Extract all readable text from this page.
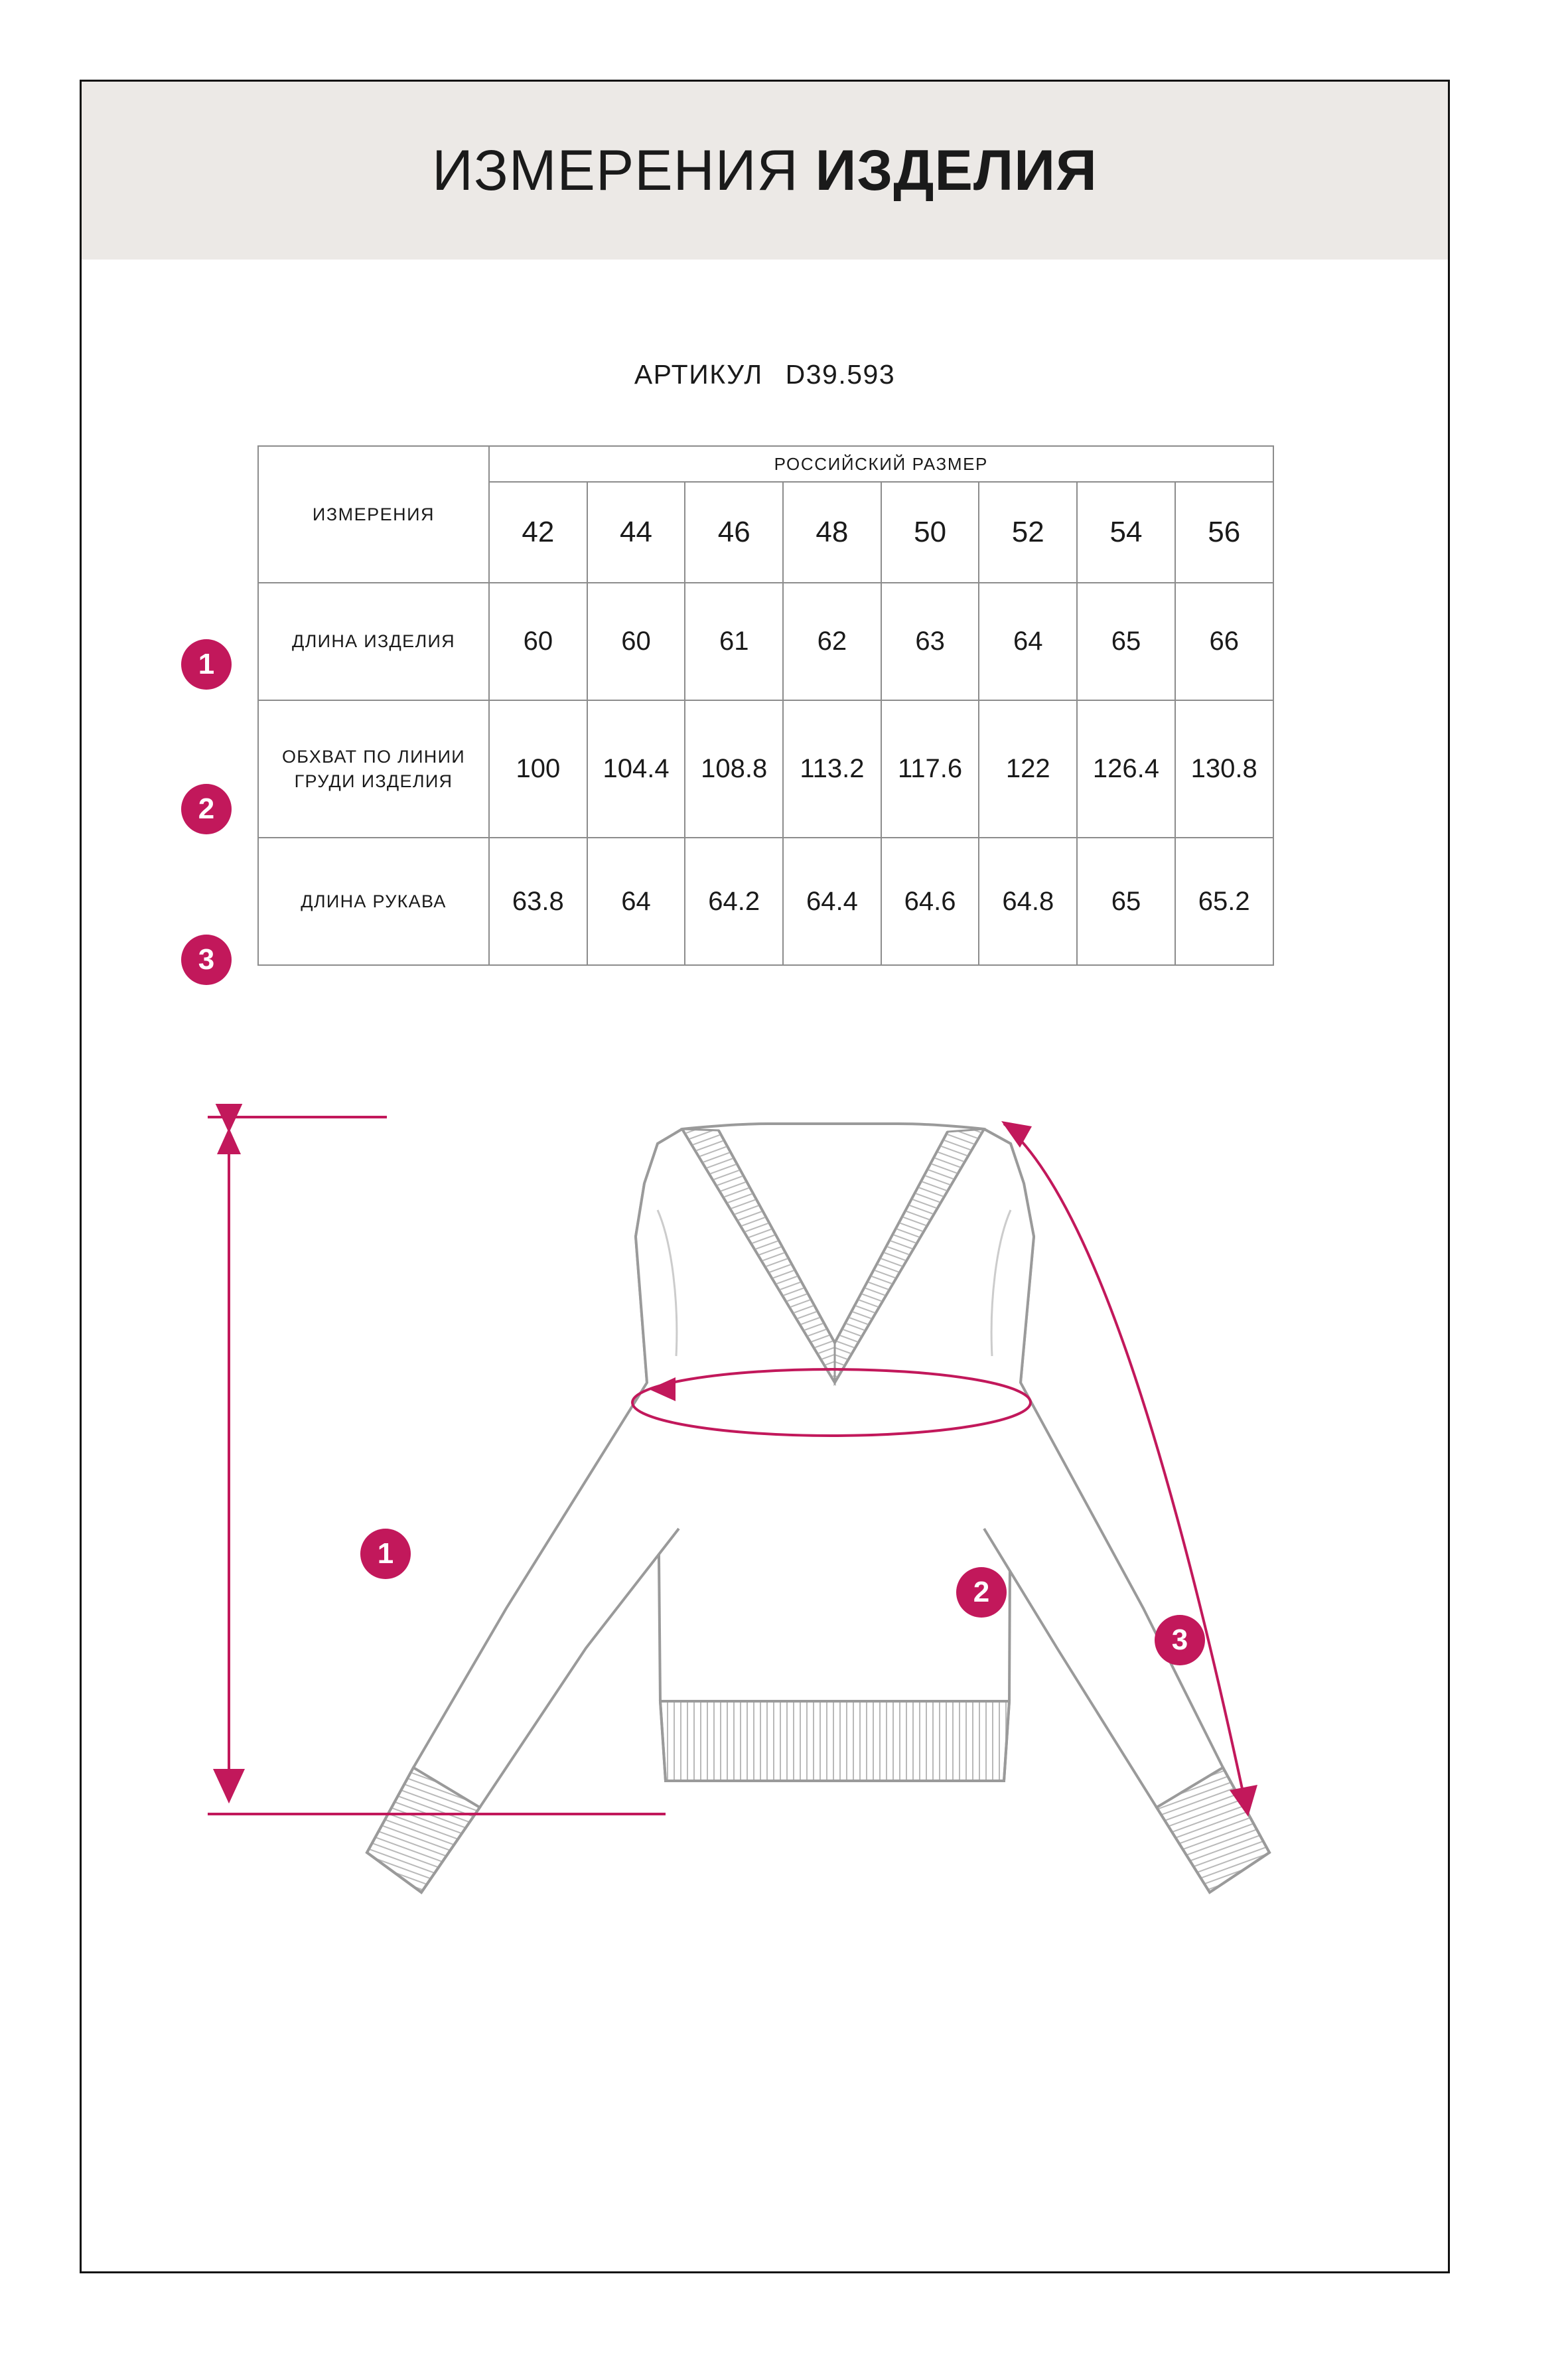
ИЗМЕРЕНИЯ ИЗДЕЛИЯ
АРТИКУЛ D39.593
1
2
3
ИЗМЕРЕНИЯ	РОССИЙСКИЙ РАЗМЕР							
	42	44	46	48	50	52	54	56
ДЛИНА ИЗДЕЛИЯ	60	60	61	62	63	64	65	66
ОБХВАТ ПО ЛИНИИ ГРУДИ ИЗДЕЛИЯ	100	104.4	108.8	113.2	117.6	122	126.4	130.8
ДЛИНА РУКАВА	63.8	64	64.2	64.4	64.6	64.8	65	65.2
1
2
3
